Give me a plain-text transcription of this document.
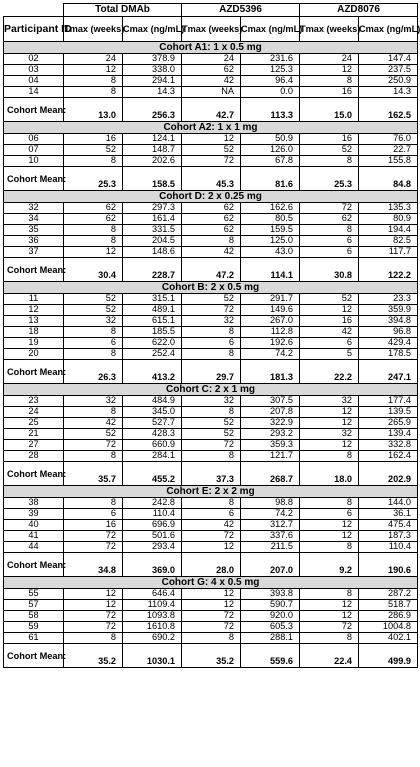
	Total DMAb		AZD5396		AZD8076	
Participant ID	Tmax (weeks)	Cmax (ng/mL)	Tmax (weeks)	Cmax (ng/mL)	Tmax (weeks)	Cmax (ng/mL)
Cohort A1: 1 x 0.5 mg						
02	24	378.9	24	231.6	24	147.4
03	12	338.0	62	125.3	12	237.5
04	8	294.1	42	96.4	8	250.9
14	8	14.3	NA	0.0	16	14.3
Cohort Mean:	13.0	256.3	42.7	113.3	15.0	162.5
Cohort A2: 1 x 1 mg						
06	16	124.1	12	50.9	16	76.0
07	52	148.7	52	126.0	52	22.7
10	8	202.6	72	67.8	8	155.8
Cohort Mean:	25.3	158.5	45.3	81.6	25.3	84.8
Cohort D: 2 x 0.25 mg						
32	62	297.3	62	162.6	72	135.3
34	62	161.4	62	80.5	62	80.9
35	8	331.5	62	159.5	8	194.4
36	8	204.5	8	125.0	6	82.5
37	12	148.6	42	43.0	6	117.7
Cohort Mean:	30.4	228.7	47.2	114.1	30.8	122.2
Cohort B: 2 x 0.5 mg						
11	52	315.1	52	291.7	52	23.3
12	52	489.1	72	149.6	12	359.9
13	32	615.1	32	267.0	16	394.8
18	8	185.5	8	112.8	42	96.8
19	6	622.0	6	192.6	6	429.4
20	8	252.4	8	74.2	5	178.5
Cohort Mean:	26.3	413.2	29.7	181.3	22.2	247.1
Cohort C: 2 x 1 mg						
23	32	484.9	32	307.5	32	177.4
24	8	345.0	8	207.8	12	139.5
25	42	527.7	52	322.9	12	265.9
21	52	428.3	52	293.2	32	139.4
27	72	660.9	72	359.3	12	332.8
28	8	284.1	8	121.7	8	162.4
Cohort Mean:	35.7	455.2	37.3	268.7	18.0	202.9
Cohort E: 2 x 2 mg						
38	8	242.8	8	98.8	8	144.0
39	6	110.4	6	74.2	6	36.1
40	16	696.9	42	312.7	12	475.4
41	72	501.6	72	337.6	12	187.3
44	72	293.4	12	211.5	8	110.4
Cohort Mean:	34.8	369.0	28.0	207.0	9.2	190.6
Cohort G: 4 x 0.5 mg						
55	12	646.4	12	393.8	8	287.2
57	12	1109.4	12	590.7	12	518.7
58	72	1093.8	72	920.0	12	286.9
59	72	1610.8	72	605.3	72	1004.8
61	8	690.2	8	288.1	8	402.1
Cohort Mean:	35.2	1030.1	35.2	559.6	22.4	499.9
